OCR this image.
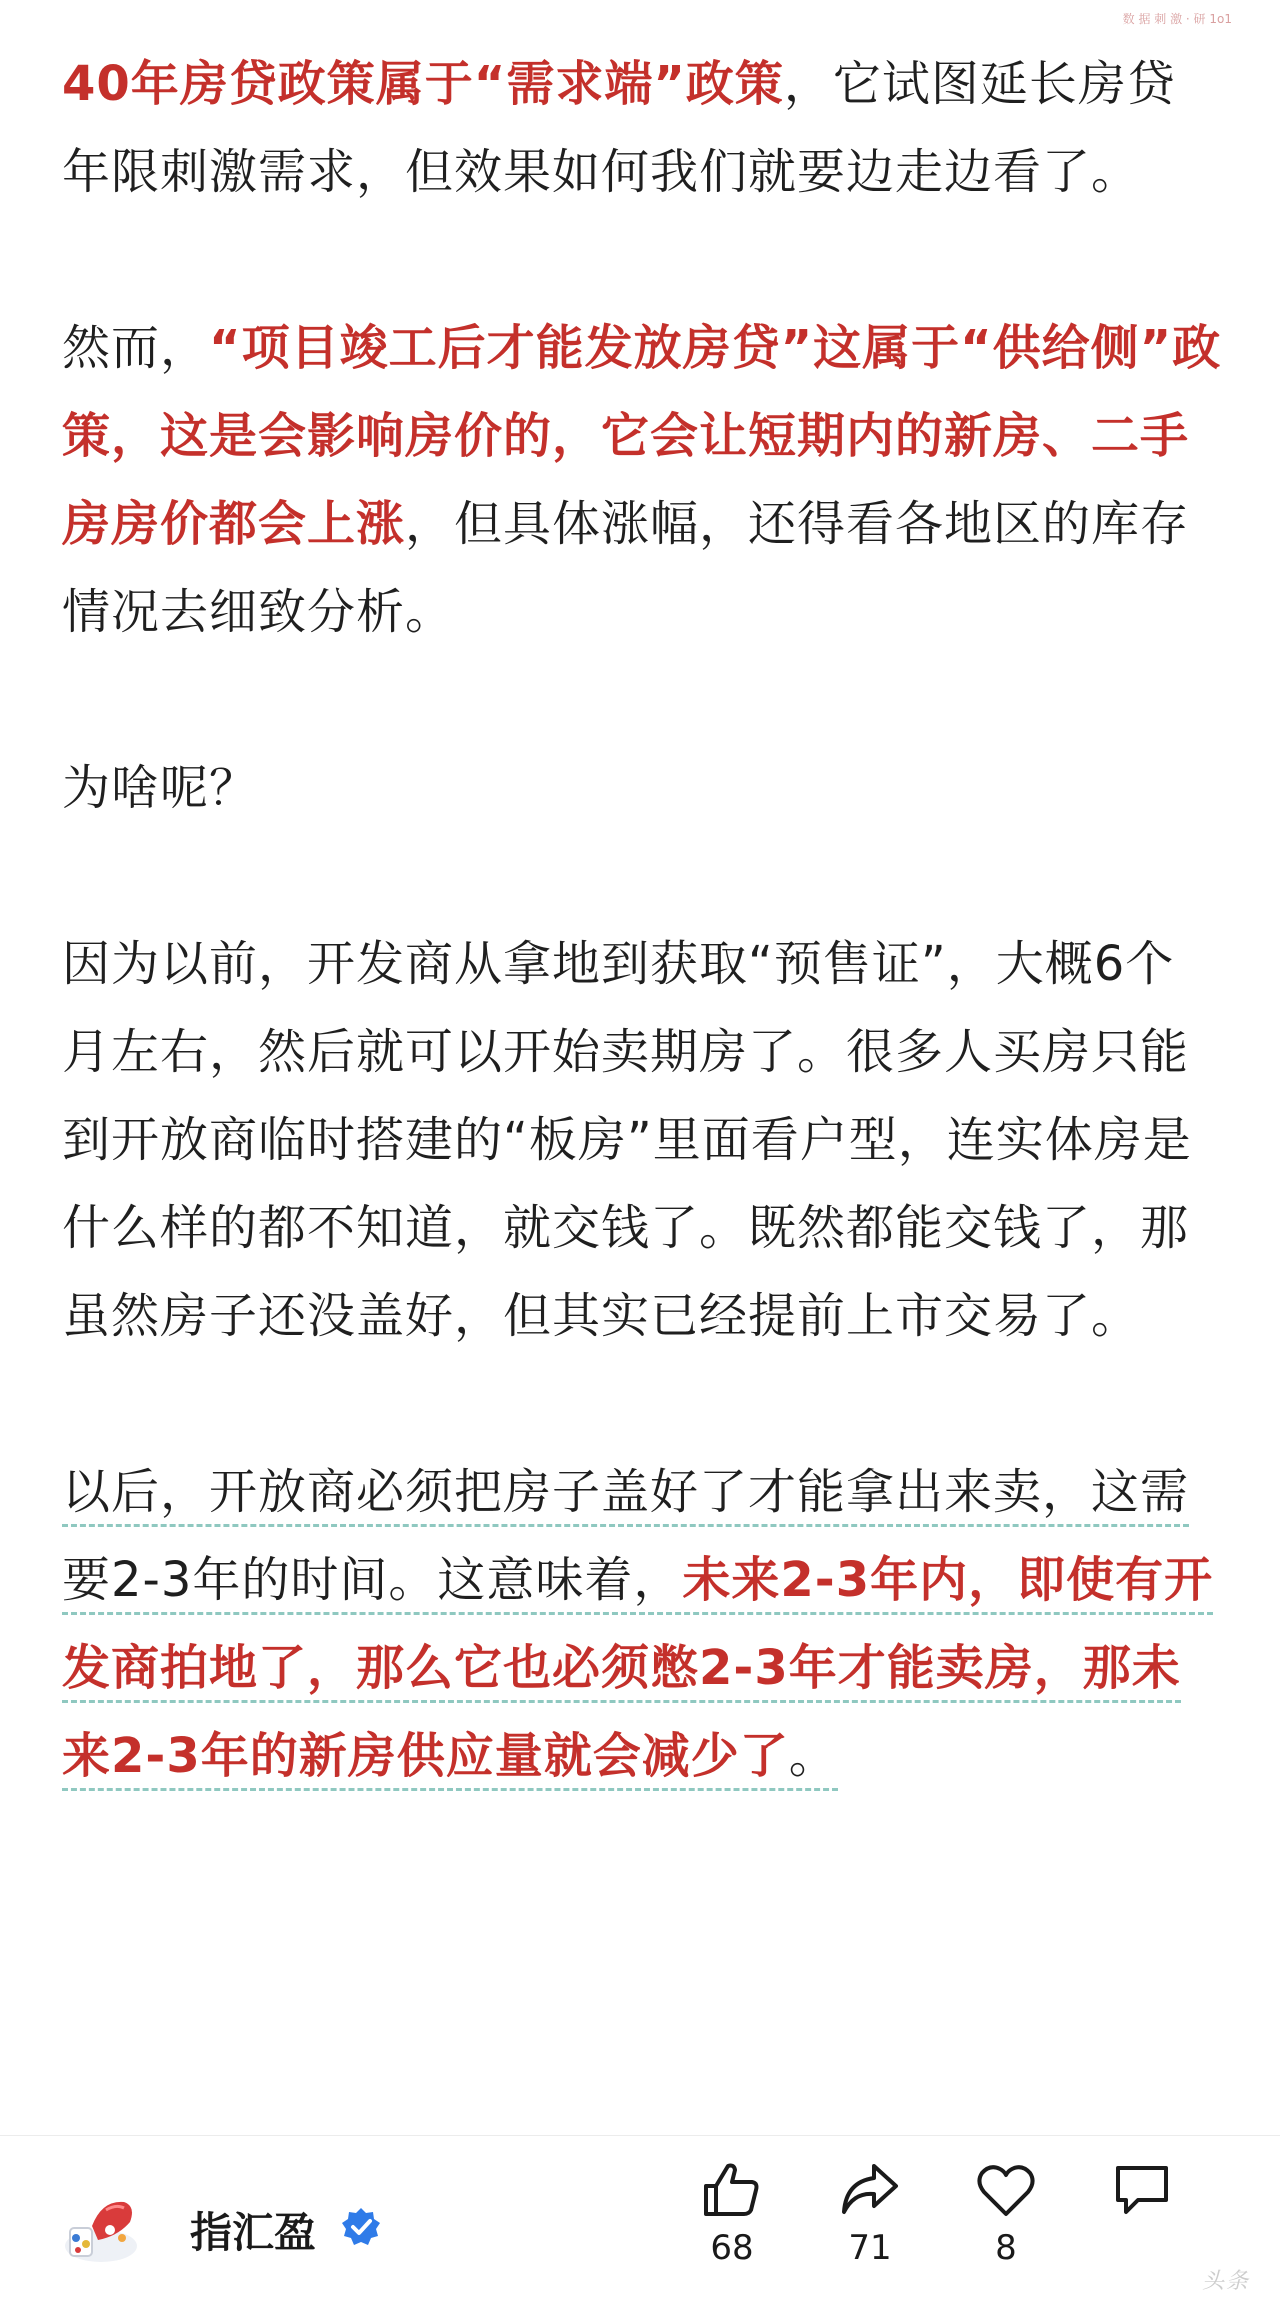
数 据 刺 激 · 研 1o1

40年房贷政策属于“需求端”政策，它试图延长房贷年限刺激需求，但效果如何我们就要边走边看了。

然而，“项目竣工后才能发放房贷”这属于“供给侧”政策，这是会影响房价的，它会让短期内的新房、二手房房价都会上涨，但具体涨幅，还得看各地区的库存情况去细致分析。

为啥呢？

因为以前，开发商从拿地到获取“预售证”，大概6个月左右，然后就可以开始卖期房了。很多人买房只能到开放商临时搭建的“板房”里面看户型，连实体房是什么样的都不知道，就交钱了。既然都能交钱了，那虽然房子还没盖好，但其实已经提前上市交易了。

以后，开放商必须把房子盖好了才能拿出来卖，这需要2-3年的时间。这意味着，未来2-3年内，即使有开发商拍地了，那么它也必须憋2-3年才能卖房，那未来2-3年的新房供应量就会减少了。

指汇盈	68	71	8
头条
